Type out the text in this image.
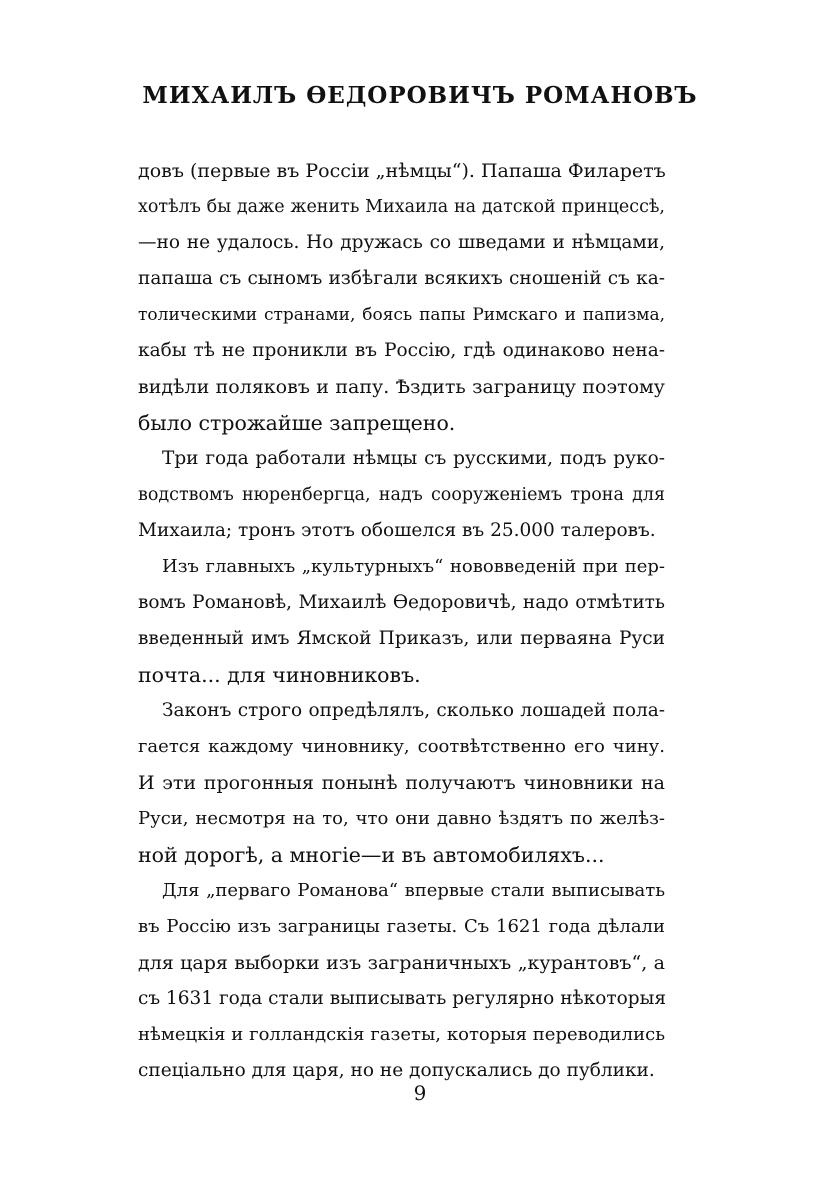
МИХАИЛЪ ӨЕДОРОВИЧЪ РОМАНОВЪ
довъ (первые въ Россiи „нѣмцы“). Папаша Филаретъ
хотѣлъ бы даже женить Михаила на датской принцессѣ,
—но не удалось. Но дружась со шведами и нѣмцами,
папаша съ сыномъ избѣгали всякихъ сношенiй съ ка-
толическими странами, боясь папы Римскаго и папизма,
кабы тѣ не проникли въ Россiю, гдѣ одинаково нена-
видѣли поляковъ и папу. Ѣздить заграницу поэтому
было строжайше запрещено.
Три года работали нѣмцы съ русскими, подъ руко-
водствомъ нюренбергца, надъ сооруженiемъ трона для
Михаила; тронъ этотъ обошелся въ 25.000 талеровъ.
Изъ главныхъ „культурныхъ“ нововведенiй при пер-
вомъ Романовѣ, Михаилѣ Өедоровичѣ, надо отмѣтить
введенный имъ Ямской Приказъ, или перваяна Руси
почта... для чиновниковъ.
Законъ строго опредѣлялъ, сколько лошадей пола-
гается каждому чиновнику, соотвѣтственно его чину.
И эти прогонныя понынѣ получаютъ чиновники на
Руси, несмотря на то, что они давно ѣздятъ по желѣз-
ной дорогѣ, а многiе—и въ автомобиляхъ...
Для „перваго Романова“ впервые стали выписывать
въ Россiю изъ заграницы газеты. Съ 1621 года дѣлали
для царя выборки изъ заграничныхъ „курантовъ“, а
съ 1631 года стали выписывать регулярно нѣкоторыя
нѣмецкiя и голландскiя газеты, которыя переводились
спецiально для царя, но не допускались до публики.
9
